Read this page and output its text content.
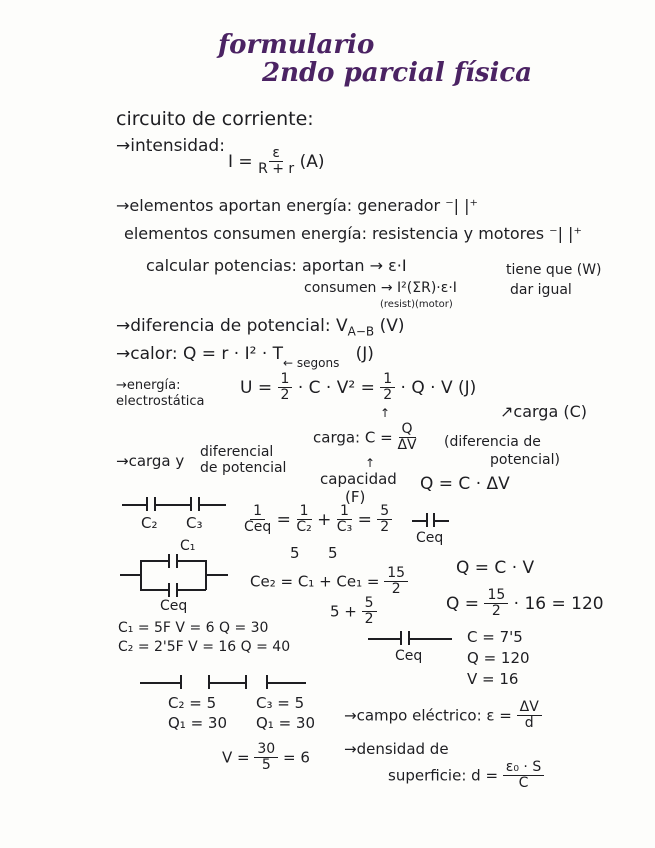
formulario
2ndo parcial física
circuito de corriente:
→intensidad:
$I = \frac{\varepsilon}{R + r} (A)$
→elementos aportan energía: generador ⁻| |⁺
elementos consumen energía: resistencia y motores ⁻| |⁺
calcular potencias: aportan → ε·I
consumen → I²(ΣR)·ε·I
(resist)(motor)
tiene que (W)
dar igual
→diferencia de potencial: $V_{A-B}$ (V)
→calor: $Q = r \cdot I^2 \cdot T_{\leftarrow segons}$ (J)
→energía:
electrostática
$U = \frac{1}{2} \cdot C \cdot V^2 = \frac{1}{2} \cdot Q \cdot V$ (J)
↑
carga: $C = \frac{Q}{\Delta V}$
↗carga (C)
(diferencia de
potencial)
↑
capacidad
(F)
Q = C · ΔV
→carga y diferencial
de potencial
C₂ C₃	$\frac{1}{\text{Ceq}} = \frac{1}{\text{C₂}} + \frac{1}{\text{C₃}} = \frac{5}{2}$
5 5
Ceq
C₁
Ceq
$Ce_2 = C_1 + Ce_1 = \frac{15}{2}$
$5 + \frac{5}{2}$
Q = C · V
$Q = \frac{15}{2} \cdot 16 = 120$
C₁ = 5F V = 6 Q = 30
C₂ = 2'5F V = 16 Q = 40
Ceq
C = 7'5
Q = 120
V = 16
C₂ = 5
Q₁ = 30
C₃ = 5
Q₁ = 30
$V = \frac{30}{5} = 6$
→campo eléctrico: $\varepsilon = \frac{\Delta V}{d}$
→densidad de
superficie: $d = \frac{\text{ε₀ · S}}{C}$
